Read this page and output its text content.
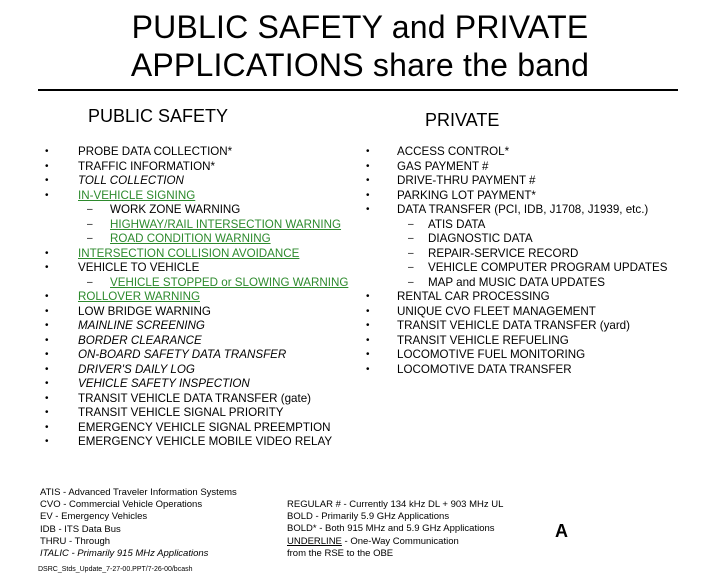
PUBLIC SAFETY and PRIVATE
APPLICATIONS share the band
PUBLIC SAFETY	PRIVATE
•	PROBE DATA COLLECTION*
•	TRAFFIC INFORMATION*
•	TOLL COLLECTION
•	IN-VEHICLE SIGNING
– WORK ZONE WARNING
– HIGHWAY/RAIL INTERSECTION WARNING
– ROAD CONDITION WARNING
•	INTERSECTION COLLISION AVOIDANCE
•	VEHICLE TO VEHICLE
– VEHICLE STOPPED or SLOWING WARNING
•	ROLLOVER WARNING
•	LOW BRIDGE WARNING
•	MAINLINE SCREENING
•	BORDER CLEARANCE
•	ON-BOARD SAFETY DATA TRANSFER
•	DRIVER'S DAILY LOG
•	VEHICLE SAFETY INSPECTION
•	TRANSIT VEHICLE DATA TRANSFER (gate)
•	TRANSIT VEHICLE SIGNAL PRIORITY
•	EMERGENCY VEHICLE SIGNAL PREEMPTION
•	EMERGENCY VEHICLE MOBILE VIDEO RELAY
• ACCESS CONTROL*
• GAS PAYMENT #
• DRIVE-THRU PAYMENT #
• PARKING LOT PAYMENT*
• DATA TRANSFER (PCI, IDB, J1708, J1939, etc.)
– ATIS DATA
– DIAGNOSTIC DATA
– REPAIR-SERVICE RECORD
– VEHICLE COMPUTER PROGRAM UPDATES
– MAP and MUSIC DATA UPDATES
• RENTAL CAR PROCESSING
• UNIQUE CVO FLEET MANAGEMENT
• TRANSIT VEHICLE DATA TRANSFER (yard)
• TRANSIT VEHICLE REFUELING
• LOCOMOTIVE FUEL MONITORING
• LOCOMOTIVE DATA TRANSFER
ATIS - Advanced Traveler Information Systems
CVO - Commercial Vehicle Operations
EV - Emergency Vehicles
IDB - ITS Data Bus
THRU - Through
ITALIC - Primarily 915 MHz Applications
REGULAR # - Currently 134 kHz DL + 903 MHz UL
BOLD - Primarily 5.9 GHz Applications
BOLD* - Both 915 MHz and 5.9 GHz Applications
UNDERLINE - One-Way Communication
from the RSE to the OBE
A
DSRC_Stds_Update_7-27-00.PPT/7-26-00/bcash
